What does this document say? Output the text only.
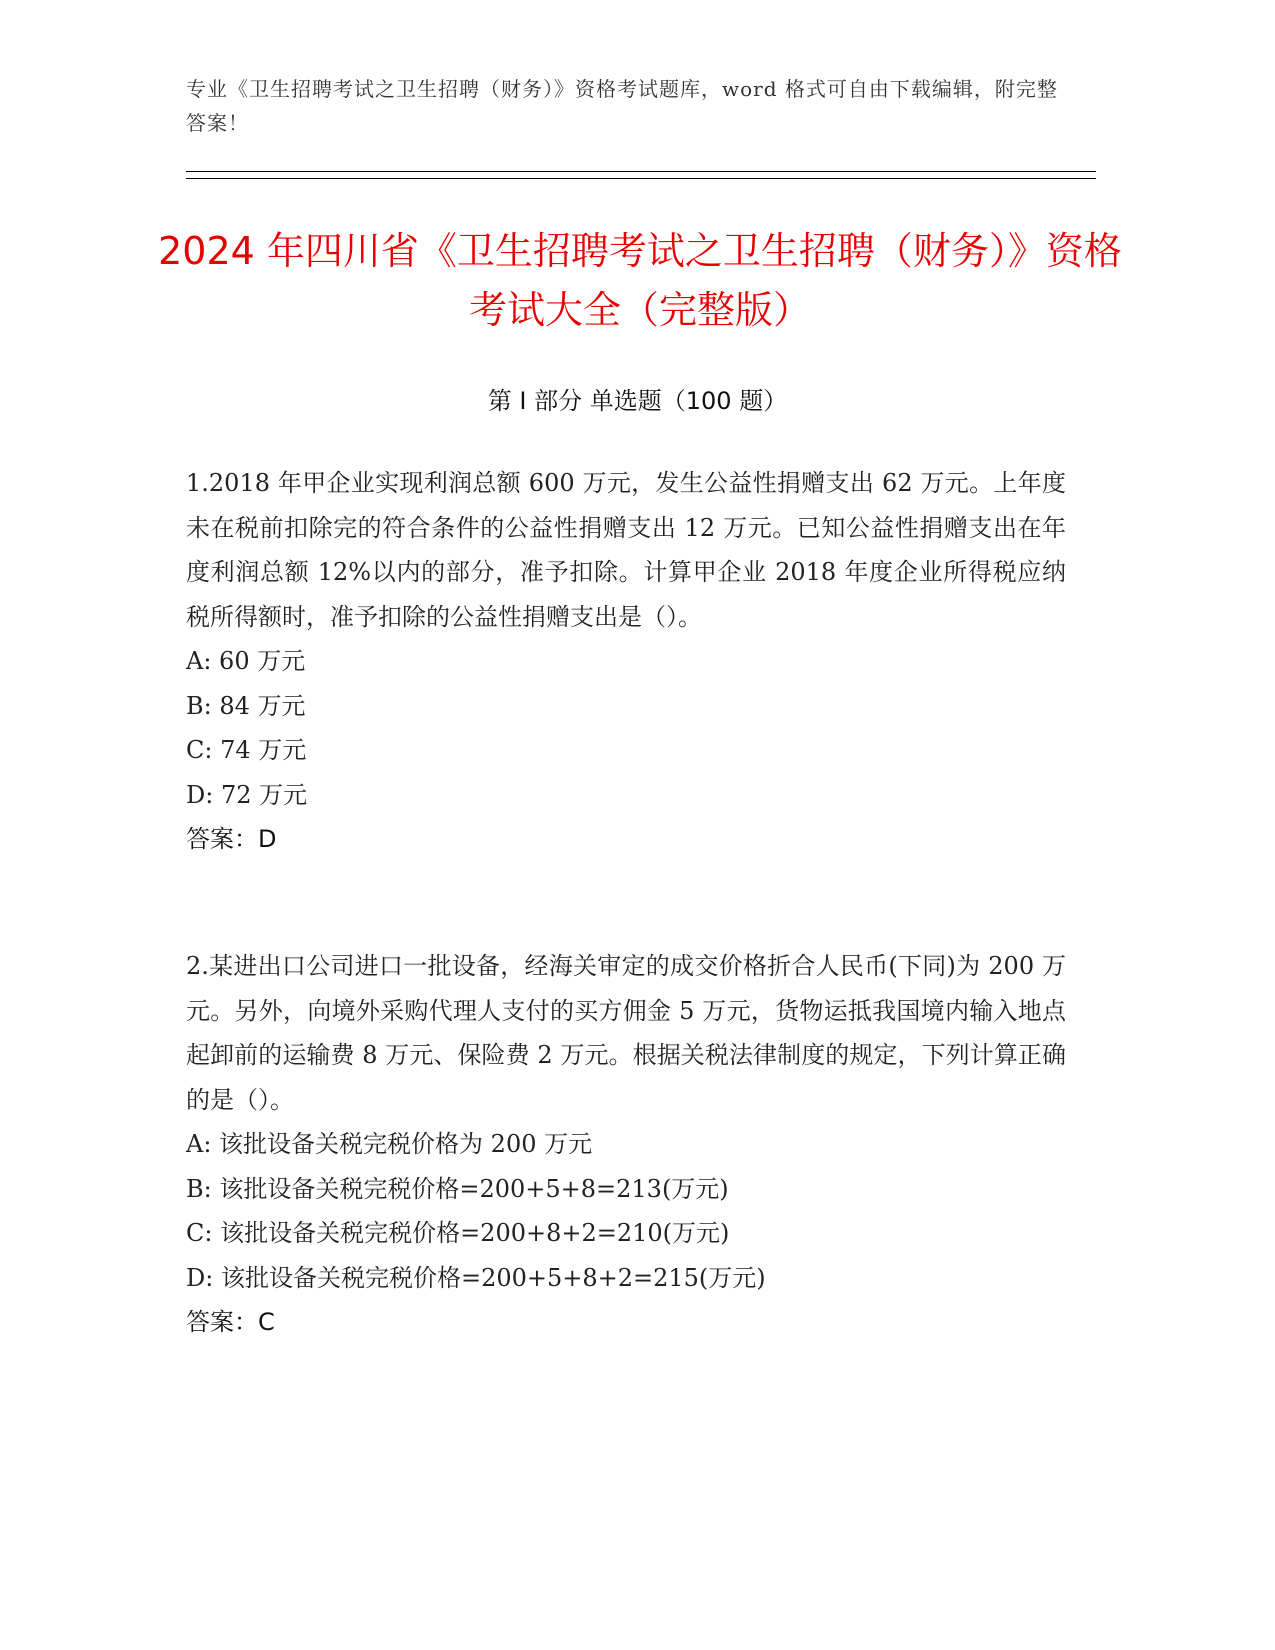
专业《卫生招聘考试之卫生招聘（财务）》资格考试题库，word 格式可自由下载编辑，附完整答案！
2024 年四川省《卫生招聘考试之卫生招聘（财务）》资格考试大全（完整版）
第 I 部分 单选题（100 题）

1.2018 年甲企业实现利润总额 600 万元，发生公益性捐赠支出 62 万元。上年度未在税前扣除完的符合条件的公益性捐赠支出 12 万元。已知公益性捐赠支出在年度利润总额 12%以内的部分，准予扣除。计算甲企业 2018 年度企业所得税应纳税所得额时，准予扣除的公益性捐赠支出是（）。

A: 60 万元

B: 84 万元

C: 74 万元

D: 72 万元

答案：D

2.某进出口公司进口一批设备，经海关审定的成交价格折合人民币(下同)为 200 万元。另外，向境外采购代理人支付的买方佣金 5 万元，货物运抵我国境内输入地点起卸前的运输费 8 万元、保险费 2 万元。根据关税法律制度的规定，下列计算正确的是（）。

A: 该批设备关税完税价格为 200 万元

B: 该批设备关税完税价格=200+5+8=213(万元)

C: 该批设备关税完税价格=200+8+2=210(万元)

D: 该批设备关税完税价格=200+5+8+2=215(万元)

答案：C
